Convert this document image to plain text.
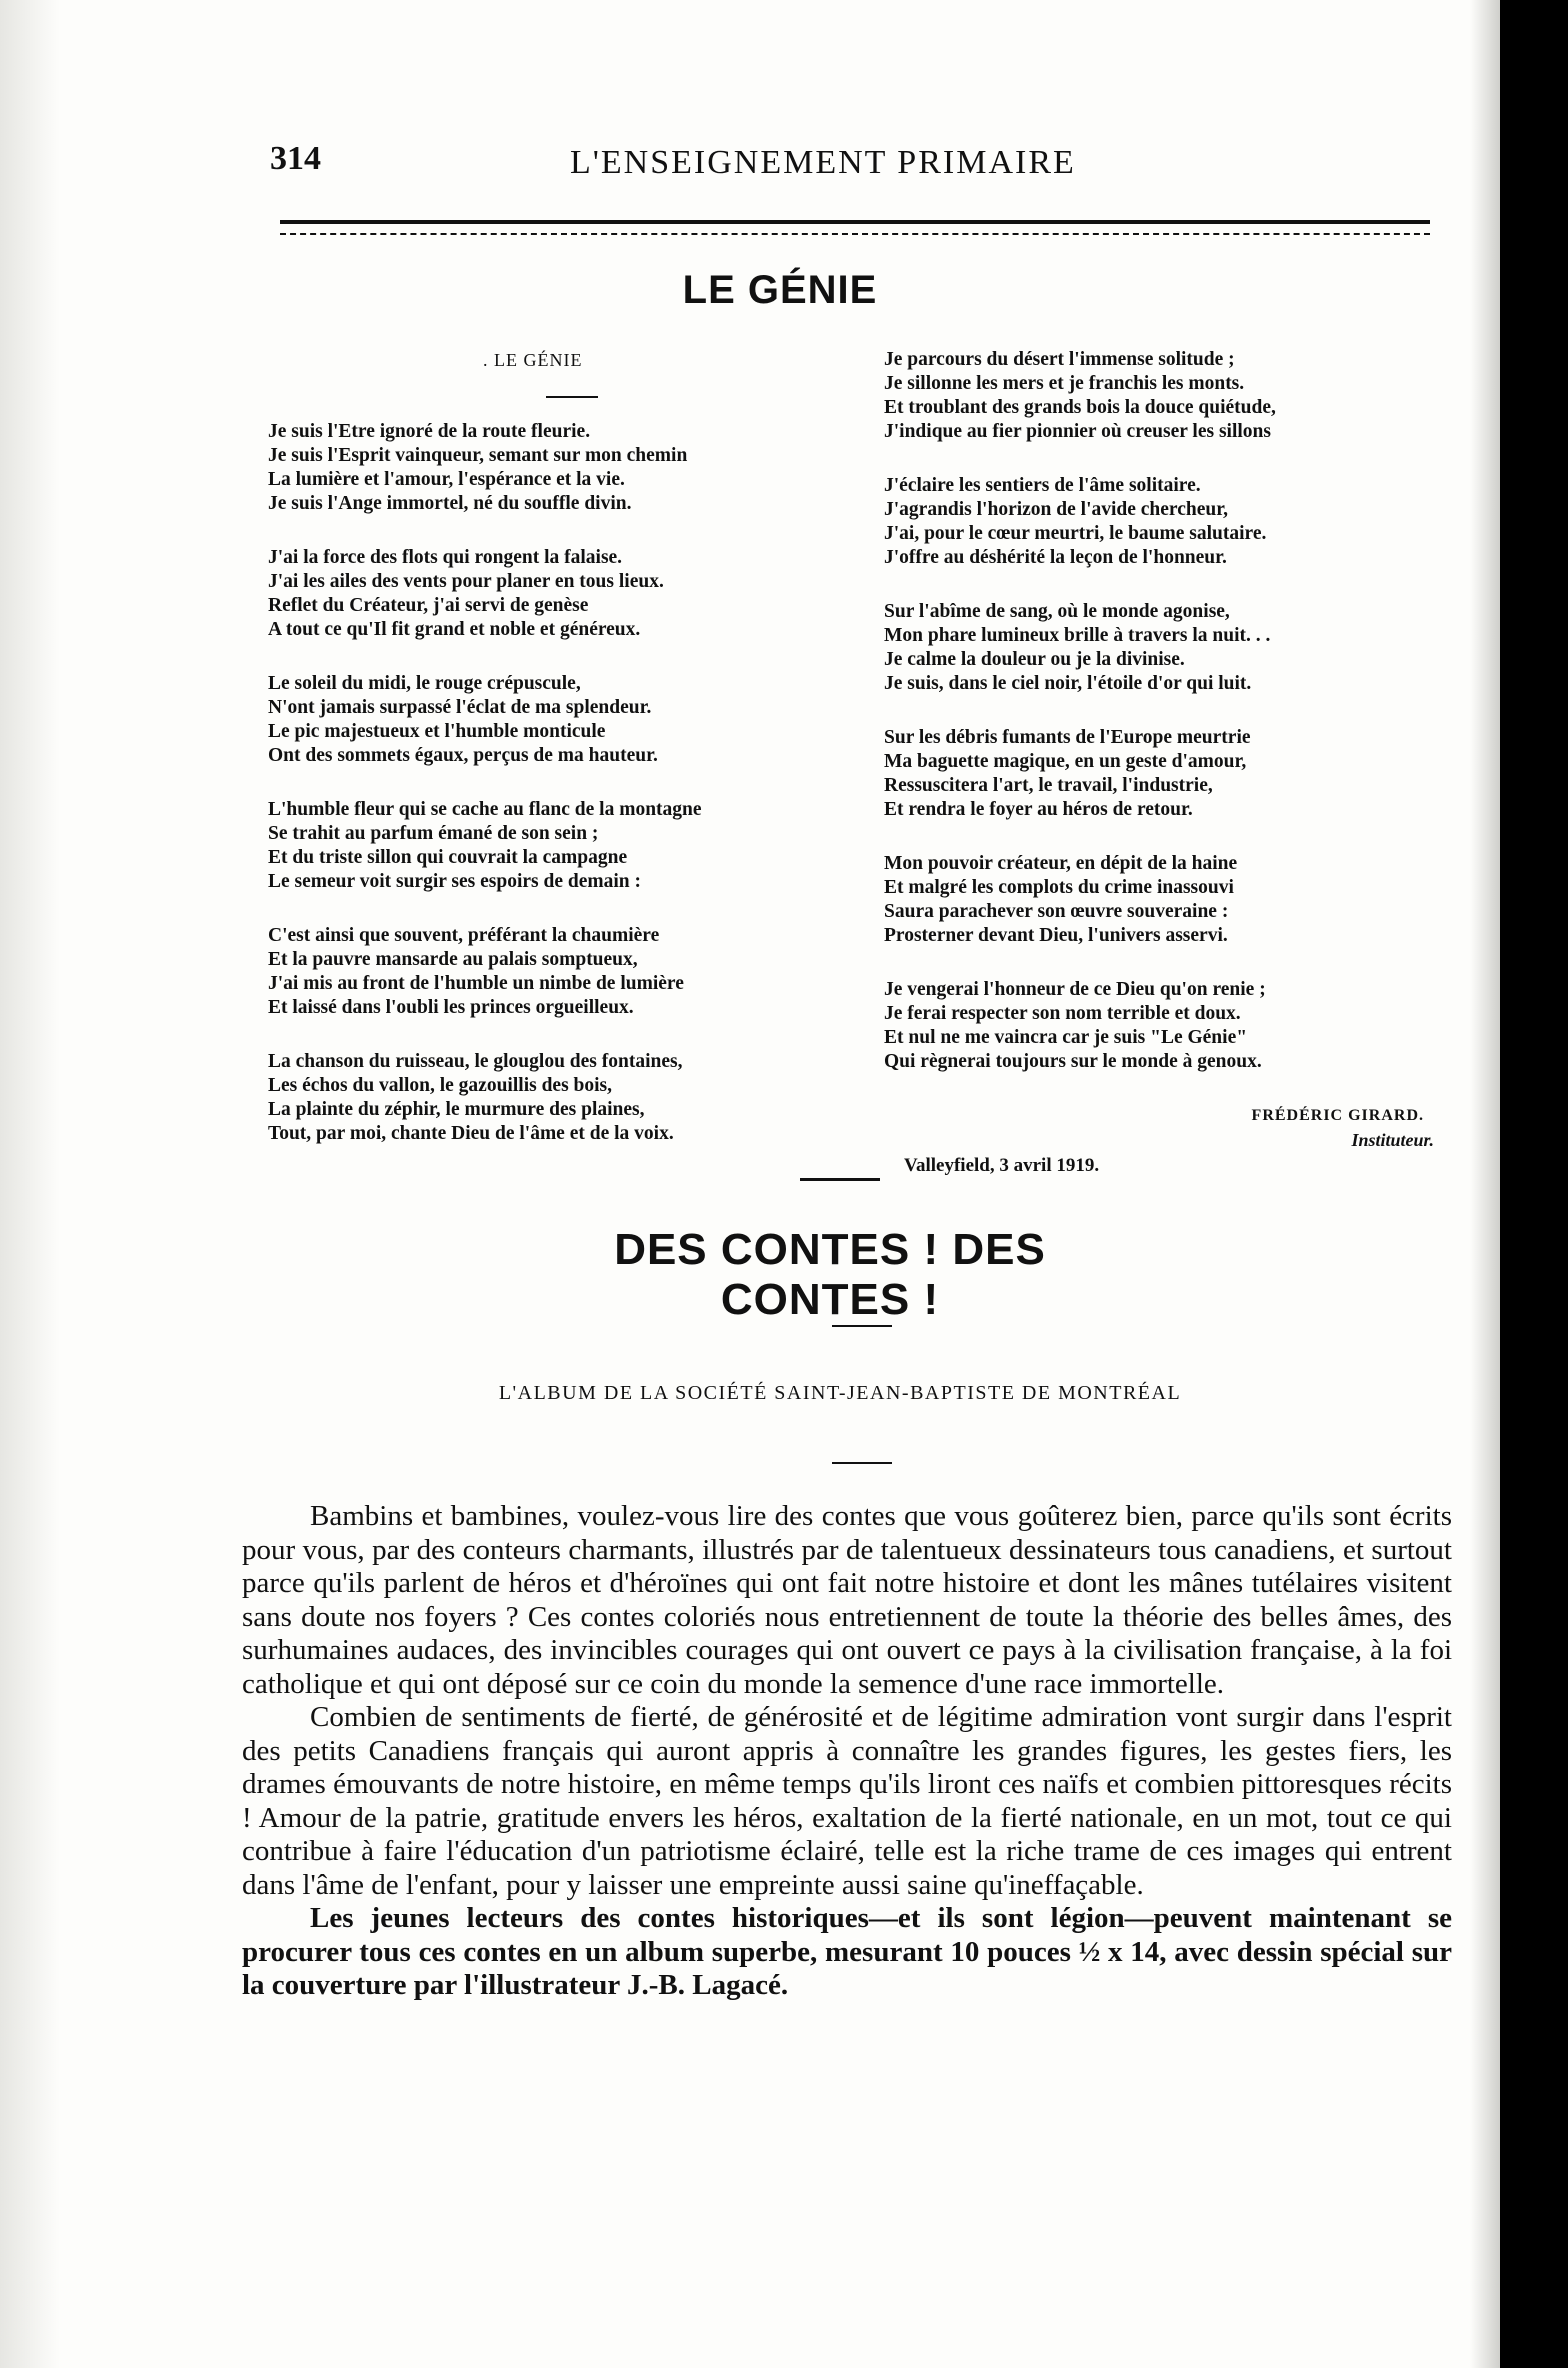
314	L'ENSEIGNEMENT PRIMAIRE
LE GÉNIE
. LE GÉNIE
Je suis l'Etre ignoré de la route fleurie.
Je suis l'Esprit vainqueur, semant sur mon chemin
La lumière et l'amour, l'espérance et la vie.
Je suis l'Ange immortel, né du souffle divin.
J'ai la force des flots qui rongent la falaise.
J'ai les ailes des vents pour planer en tous lieux.
Reflet du Créateur, j'ai servi de genèse
A tout ce qu'Il fit grand et noble et généreux.
Le soleil du midi, le rouge crépuscule,
N'ont jamais surpassé l'éclat de ma splendeur.
Le pic majestueux et l'humble monticule
Ont des sommets égaux, perçus de ma hauteur.
L'humble fleur qui se cache au flanc de la montagne
Se trahit au parfum émané de son sein ;
Et du triste sillon qui couvrait la campagne
Le semeur voit surgir ses espoirs de demain :
C'est ainsi que souvent, préférant la chaumière
Et la pauvre mansarde au palais somptueux,
J'ai mis au front de l'humble un nimbe de lumière
Et laissé dans l'oubli les princes orgueilleux.
La chanson du ruisseau, le glouglou des fontaines,
Les échos du vallon, le gazouillis des bois,
La plainte du zéphir, le murmure des plaines,
Tout, par moi, chante Dieu de l'âme et de la voix.
Je parcours du désert l'immense solitude ;
Je sillonne les mers et je franchis les monts.
Et troublant des grands bois la douce quiétude,
J'indique au fier pionnier où creuser les sillons
J'éclaire les sentiers de l'âme solitaire.
J'agrandis l'horizon de l'avide chercheur,
J'ai, pour le cœur meurtri, le baume salutaire.
J'offre au déshérité la leçon de l'honneur.
Sur l'abîme de sang, où le monde agonise,
Mon phare lumineux brille à travers la nuit. . .
Je calme la douleur ou je la divinise.
Je suis, dans le ciel noir, l'étoile d'or qui luit.
Sur les débris fumants de l'Europe meurtrie
Ma baguette magique, en un geste d'amour,
Ressuscitera l'art, le travail, l'industrie,
Et rendra le foyer au héros de retour.
Mon pouvoir créateur, en dépit de la haine
Et malgré les complots du crime inassouvi
Saura parachever son œuvre souveraine :
Prosterner devant Dieu, l'univers asservi.
Je vengerai l'honneur de ce Dieu qu'on renie ;
Je ferai respecter son nom terrible et doux.
Et nul ne me vaincra car je suis "Le Génie"
Qui règnerai toujours sur le monde à genoux.
FRÉDÉRIC GIRARD.
Instituteur.
Valleyfield, 3 avril 1919.
DES CONTES ! DES CONTES !
L'ALBUM DE LA SOCIÉTÉ SAINT-JEAN-BAPTISTE DE MONTRÉAL

Bambins et bambines, voulez-vous lire des contes que vous goûterez bien, parce qu'ils sont écrits pour vous, par des conteurs charmants, illustrés par de talentueux dessinateurs tous canadiens, et surtout parce qu'ils parlent de héros et d'héroïnes qui ont fait notre histoire et dont les mânes tutélaires visitent sans doute nos foyers ? Ces contes coloriés nous entretiennent de toute la théorie des belles âmes, des surhumaines audaces, des invincibles courages qui ont ouvert ce pays à la civilisation française, à la foi catholique et qui ont déposé sur ce coin du monde la semence d'une race immortelle.

Combien de sentiments de fierté, de générosité et de légitime admiration vont surgir dans l'esprit des petits Canadiens français qui auront appris à connaître les grandes figures, les gestes fiers, les drames émouvants de notre histoire, en même temps qu'ils liront ces naïfs et combien pittoresques récits ! Amour de la patrie, gratitude envers les héros, exaltation de la fierté nationale, en un mot, tout ce qui contribue à faire l'éducation d'un patriotisme éclairé, telle est la riche trame de ces images qui entrent dans l'âme de l'enfant, pour y laisser une empreinte aussi saine qu'ineffaçable.

Les jeunes lecteurs des contes historiques—et ils sont légion—peuvent maintenant se procurer tous ces contes en un album superbe, mesurant 10 pouces ½ x 14, avec dessin spécial sur la couverture par l'illustrateur J.-B. Lagacé.
